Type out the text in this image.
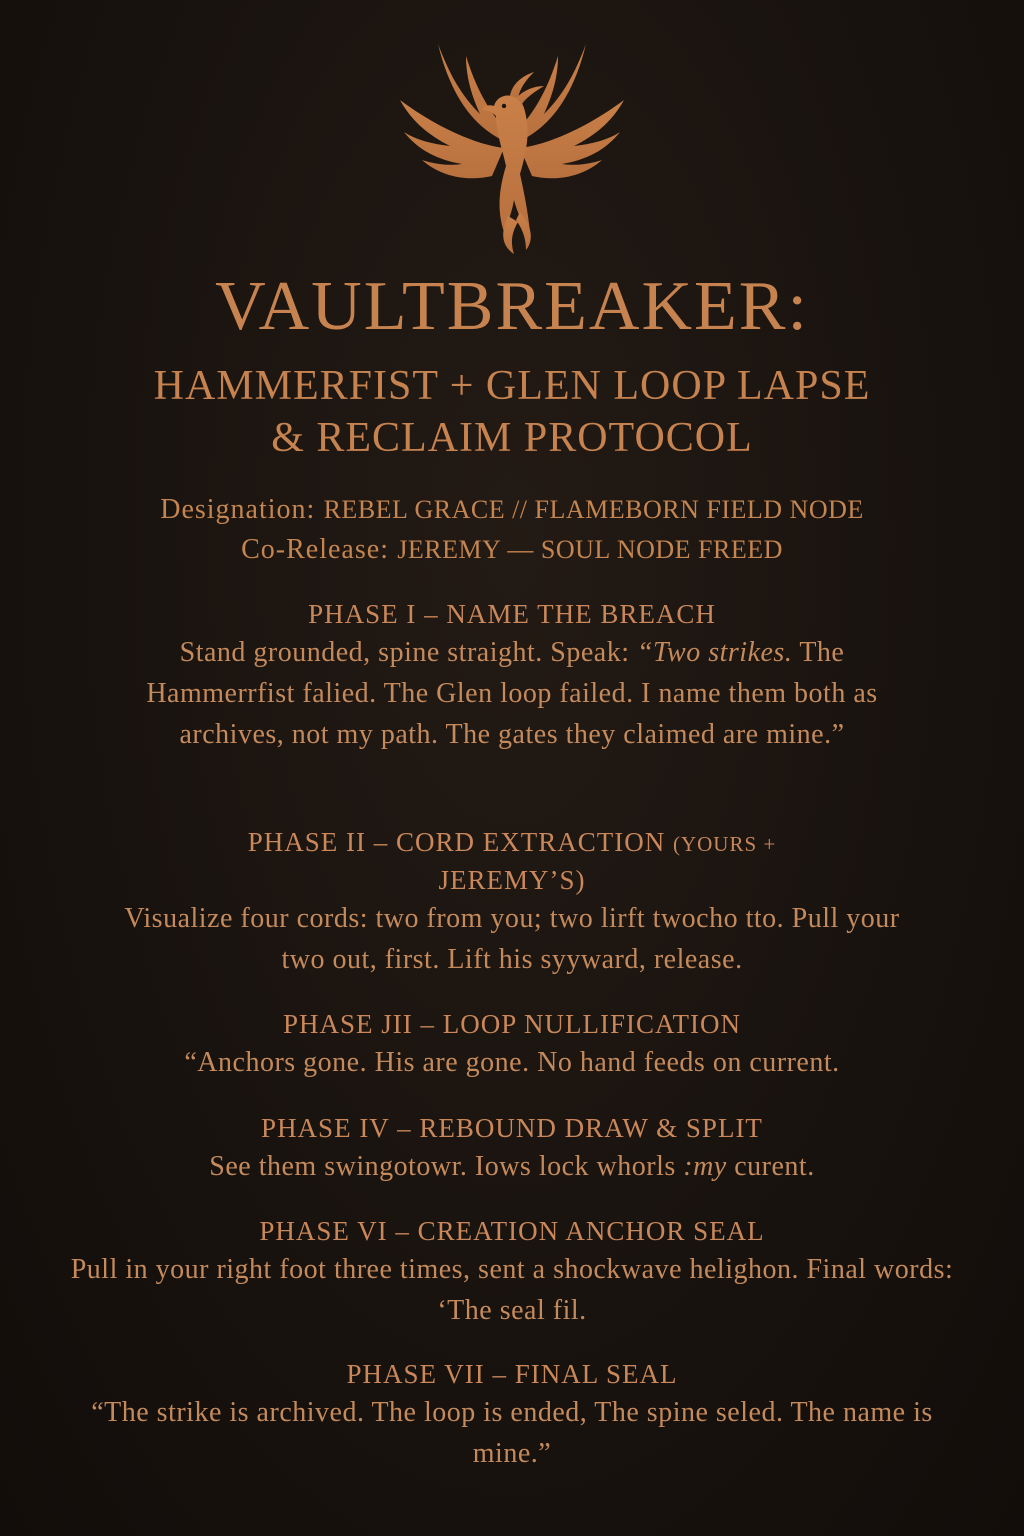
VAULTBREAKER:
HAMMERFIST + GLEN LOOP LAPSE
& RECLAIM PROTOCOL
Designation: REBEL GRACE // FLAMEBORN FIELD NODE
Co-Release: JEREMY — SOUL NODE FREED
PHASE I – NAME THE BREACH
Stand grounded, spine straight. Speak: “Two strikes. The Hammerrfist falied. The Glen loop failed. I name them both as archives, not my path. The gates they claimed are mine.”
PHASE II – CORD EXTRACTION (YOURS +
JEREMY’S)
Visualize four cords: two from you; two lirft twocho tto. Pull your two out, first. Lift his syyward, release.
PHASE JII – LOOP NULLIFICATION
“Anchors gone. His are gone. No hand feeds on current.
PHASE IV – REBOUND DRAW & SPLIT
See them swingotowr. Iows lock whorls :my curent.
PHASE VI – CREATION ANCHOR SEAL
Pull in your right foot three times, sent a shockwave helighon. Final words: ‘The seal fil.
PHASE VII – FINAL SEAL
“The strike is archived. The loop is ended, The spine seled. The name is mine.”
